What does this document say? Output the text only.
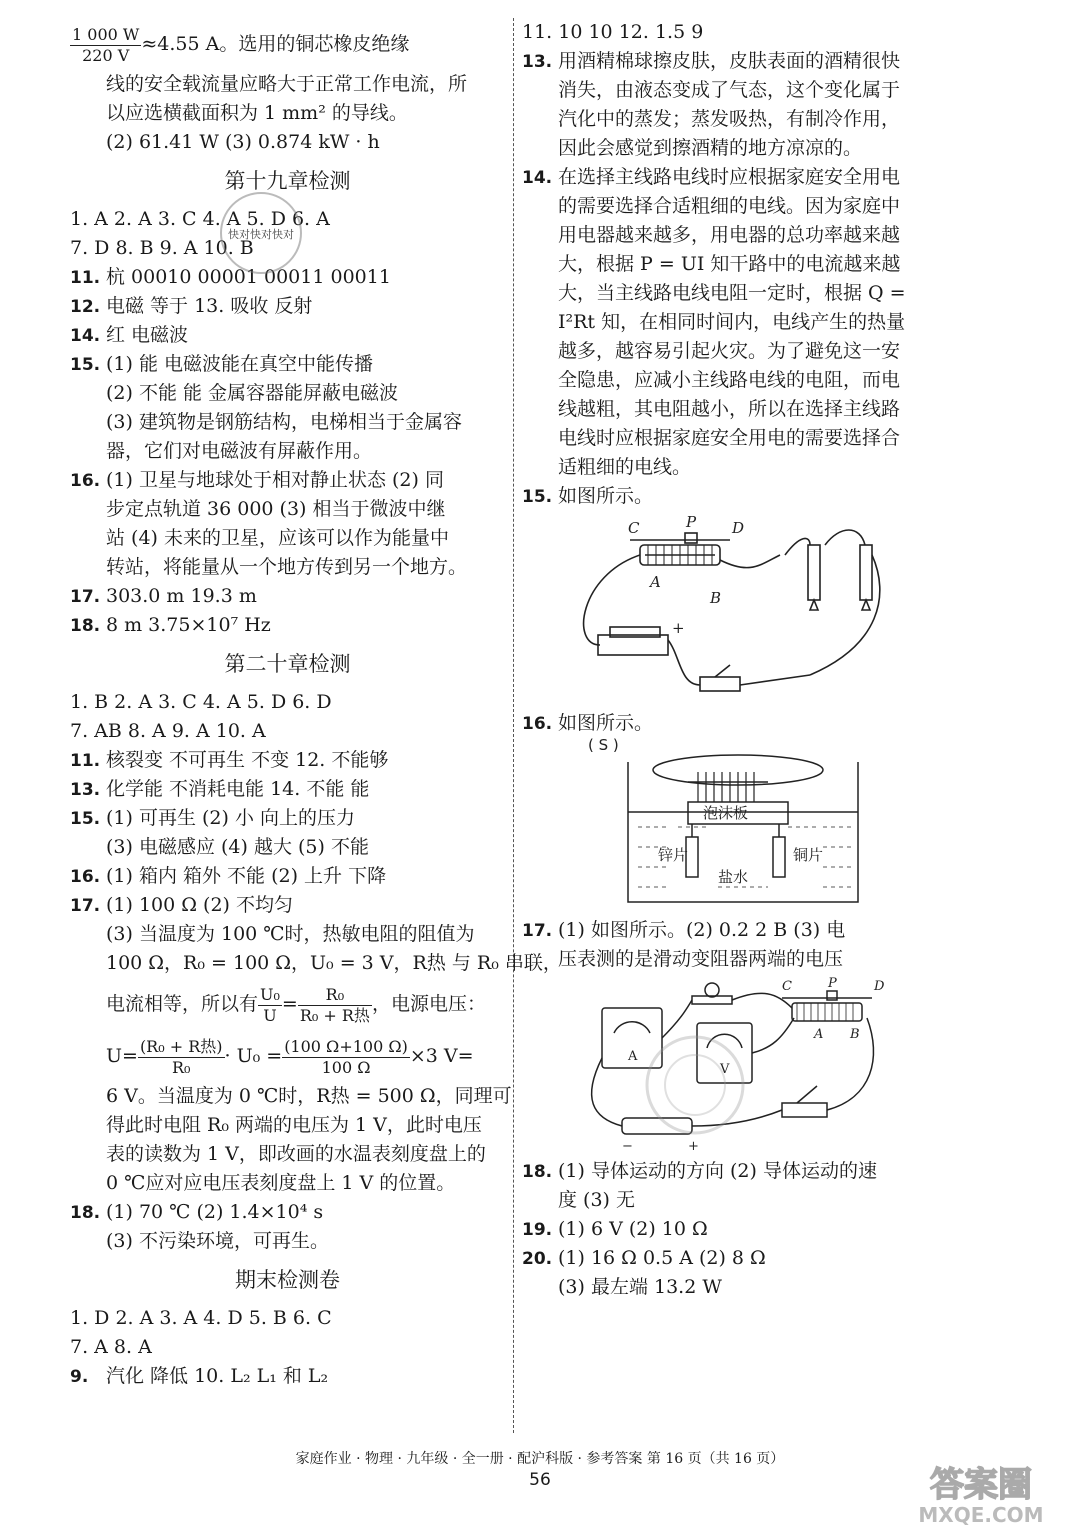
$\frac{1 000 W}{220 V} \approx 4.55$ A。选用的铜芯橡皮绝缘
线的安全载流量应略大于正常工作电流，所
以应选横截面积为 1 mm² 的导线。
(2) 61.41 W (3) 0.874 kW · h
第十九章检测
1. A 2. A 3. C 4. A 5. D 6. A
7. D 8. B 9. A 10. B
11. 杭 00010 00001 00011 00011
12. 电磁 等于 13. 吸收 反射
14. 红 电磁波
15. (1) 能 电磁波能在真空中能传播
(2) 不能 能 金属容器能屏蔽电磁波
(3) 建筑物是钢筋结构，电梯相当于金属容
器，它们对电磁波有屏蔽作用。
16. (1) 卫星与地球处于相对静止状态 (2) 同
步定点轨道 36 000 (3) 相当于微波中继
站 (4) 未来的卫星，应该可以作为能量中
转站，将能量从一个地方传到另一个地方。
17. 303.0 m 19.3 m
18. 8 m 3.75×10⁷ Hz
第二十章检测
1. B 2. A 3. C 4. A 5. D 6. D
7. AB 8. A 9. A 10. A
11. 核裂变 不可再生 不变 12. 不能够
13. 化学能 不消耗电能 14. 不能 能
15. (1) 可再生 (2) 小 向上的压力
(3) 电磁感应 (4) 越大 (5) 不能
16. (1) 箱内 箱外 不能 (2) 上升 下降
17. (1) 100 Ω (2) 不均匀
(3) 当温度为 100 ℃时，热敏电阻的阻值为
100 Ω，R₀ = 100 Ω，U₀ = 3 V，R热 与 R₀ 串联，
电流相等，所以有 $\frac{\text{U₀}}{U} = \frac{\text{R₀}}{\text{R₀ + R热}}$ ，电源电压：
$U= \frac{\text{(R₀ + R热)}}{\text{R₀}} \cdot U_0 = \frac{(100 \Omega+100 \Omega)}{100 \Omega} \times 3$ V=
6 V。当温度为 0 ℃时，R热 = 500 Ω，同理可
得此时电阻 R₀ 两端的电压为 1 V，此时电压
表的读数为 1 V，即改画的水温表刻度盘上的
0 ℃应对应电压表刻度盘上 1 V 的位置。
18. (1) 70 ℃ (2) 1.4×10⁴ s
(3) 不污染环境，可再生。
期末检测卷
1. D 2. A 3. A 4. D 5. B 6. C
7. A 8. A
9. 汽化 降低 10. L₂ L₁ 和 L₂
11. 10 10 12. 1.5 9
13. 用酒精棉球擦皮肤，皮肤表面的酒精很快
消失，由液态变成了气态，这个变化属于
汽化中的蒸发；蒸发吸热，有制冷作用，
因此会感觉到擦酒精的地方凉凉的。
14. 在选择主线路电线时应根据家庭安全用电
的需要选择合适粗细的电线。因为家庭中
用电器越来越多，用电器的总功率越来越
大，根据 P = UI 知干路中的电流越来越
大，当主线路电线电阻一定时，根据 Q =
I²Rt 知，在相同时间内，电线产生的热量
越多，越容易引起火灾。为了避免这一安
全隐患，应减小主线路电线的电阻，而电
线越粗，其电阻越小，所以在选择主线路
电线时应根据家庭安全用电的需要选择合
适粗细的电线。
15. 如图所示。
C	P D
A
B
+
16. 如图所示。
( S )
泡沫板
锌片	铜片
盐水
17. (1) 如图所示。(2) 0.2 2 B (3) 电
压表测的是滑动变阻器两端的电压
A
V
C	P	D
A B
−	+
18. (1) 导体运动的方向 (2) 导体运动的速
度 (3) 无
19. (1) 6 V (2) 10 Ω
20. (1) 16 Ω 0.5 A (2) 8 Ω
(3) 最左端 13.2 W
快对快对快对
家庭作业 · 物理 · 九年级 · 全一册 · 配沪科版 · 参考答案 第 16 页（共 16 页）
56	答案圈
MXQE.COM
